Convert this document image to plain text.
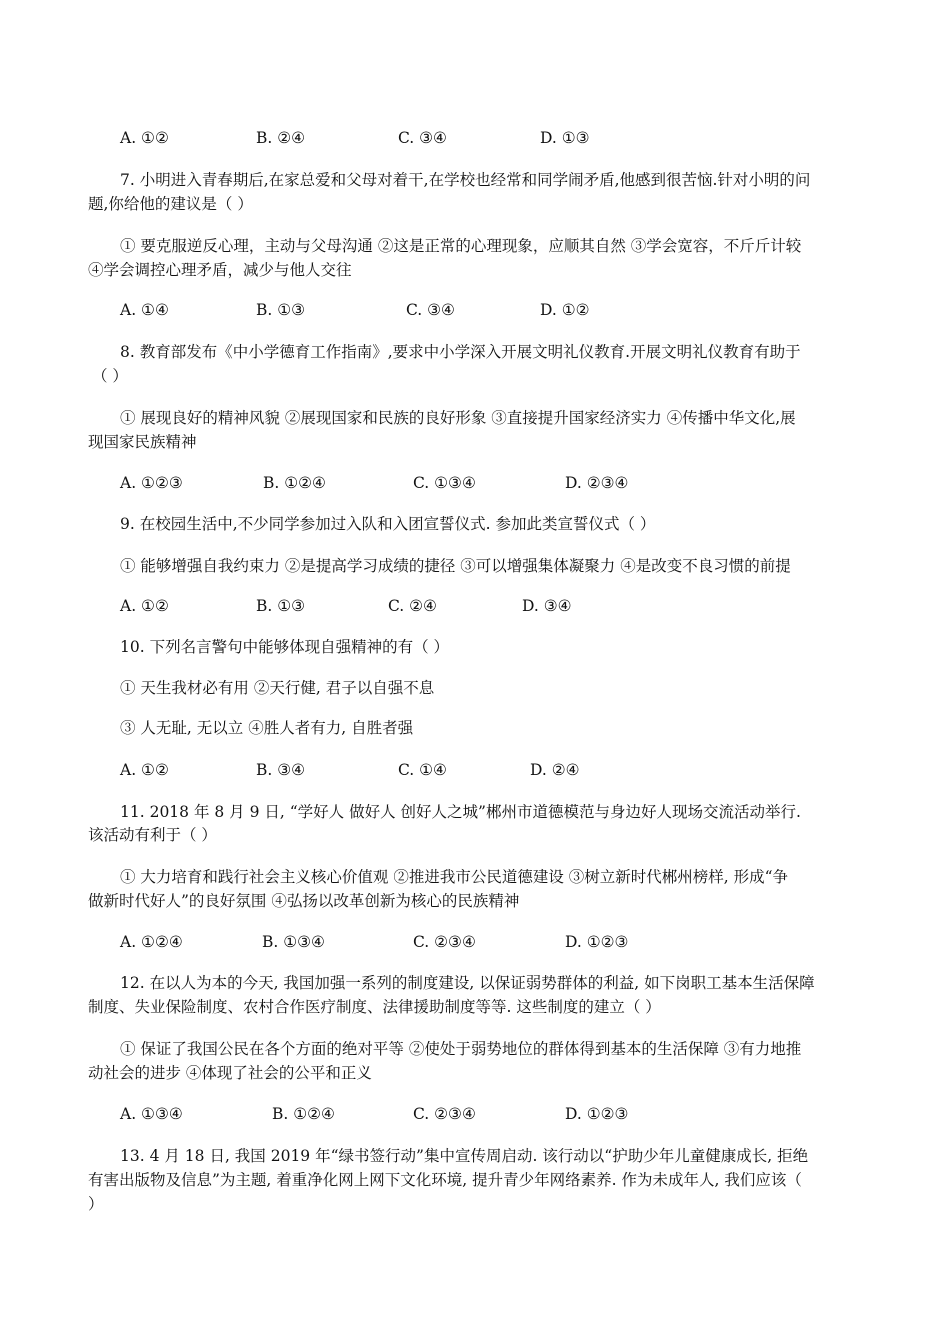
A. ①②	B. ②④	C. ③④	D. ①③
7. 小明进入青春期后,在家总爱和父母对着干,在学校也经常和同学闹矛盾,他感到很苦恼.针对小明的问
题,你给他的建议是（ ）
① 要克服逆反心理，主动与父母沟通 ②这是正常的心理现象，应顺其自然 ③学会宽容，不斤斤计较
④学会调控心理矛盾，减少与他人交往
A. ①④	B. ①③	C. ③④	D. ①②
8. 教育部发布《中小学德育工作指南》,要求中小学深入开展文明礼仪教育.开展文明礼仪教育有助于
（ ）
① 展现良好的精神风貌 ②展现国家和民族的良好形象 ③直接提升国家经济实力 ④传播中华文化,展
现国家民族精神
A. ①②③	B. ①②④	C. ①③④	D. ②③④
9. 在校园生活中,不少同学参加过入队和入团宣誓仪式. 参加此类宣誓仪式（ ）
① 能够增强自我约束力 ②是提高学习成绩的捷径 ③可以增强集体凝聚力 ④是改变不良习惯的前提
A. ①②	B. ①③	C. ②④	D. ③④
10. 下列名言警句中能够体现自强精神的有（ ）
① 天生我材必有用 ②天行健, 君子以自强不息
③ 人无耻, 无以立 ④胜人者有力, 自胜者强
A. ①②	B. ③④	C. ①④	D. ②④
11. 2018 年 8 月 9 日, “学好人 做好人 创好人之城”郴州市道德模范与身边好人现场交流活动举行.
该活动有利于（ ）
① 大力培育和践行社会主义核心价值观 ②推进我市公民道德建设 ③树立新时代郴州榜样, 形成“争
做新时代好人”的良好氛围 ④弘扬以改革创新为核心的民族精神
A. ①②④	B. ①③④	C. ②③④	D. ①②③
12. 在以人为本的今天, 我国加强一系列的制度建设, 以保证弱势群体的利益, 如下岗职工基本生活保障
制度、失业保险制度、农村合作医疗制度、法律援助制度等等. 这些制度的建立（ ）
① 保证了我国公民在各个方面的绝对平等 ②使处于弱势地位的群体得到基本的生活保障 ③有力地推
动社会的进步 ④体现了社会的公平和正义
A. ①③④	B. ①②④	C. ②③④	D. ①②③
13. 4 月 18 日, 我国 2019 年“绿书签行动”集中宣传周启动. 该行动以“护助少年儿童健康成长, 拒绝
有害出版物及信息”为主题, 着重净化网上网下文化环境, 提升青少年网络素养. 作为未成年人, 我们应该（
）
